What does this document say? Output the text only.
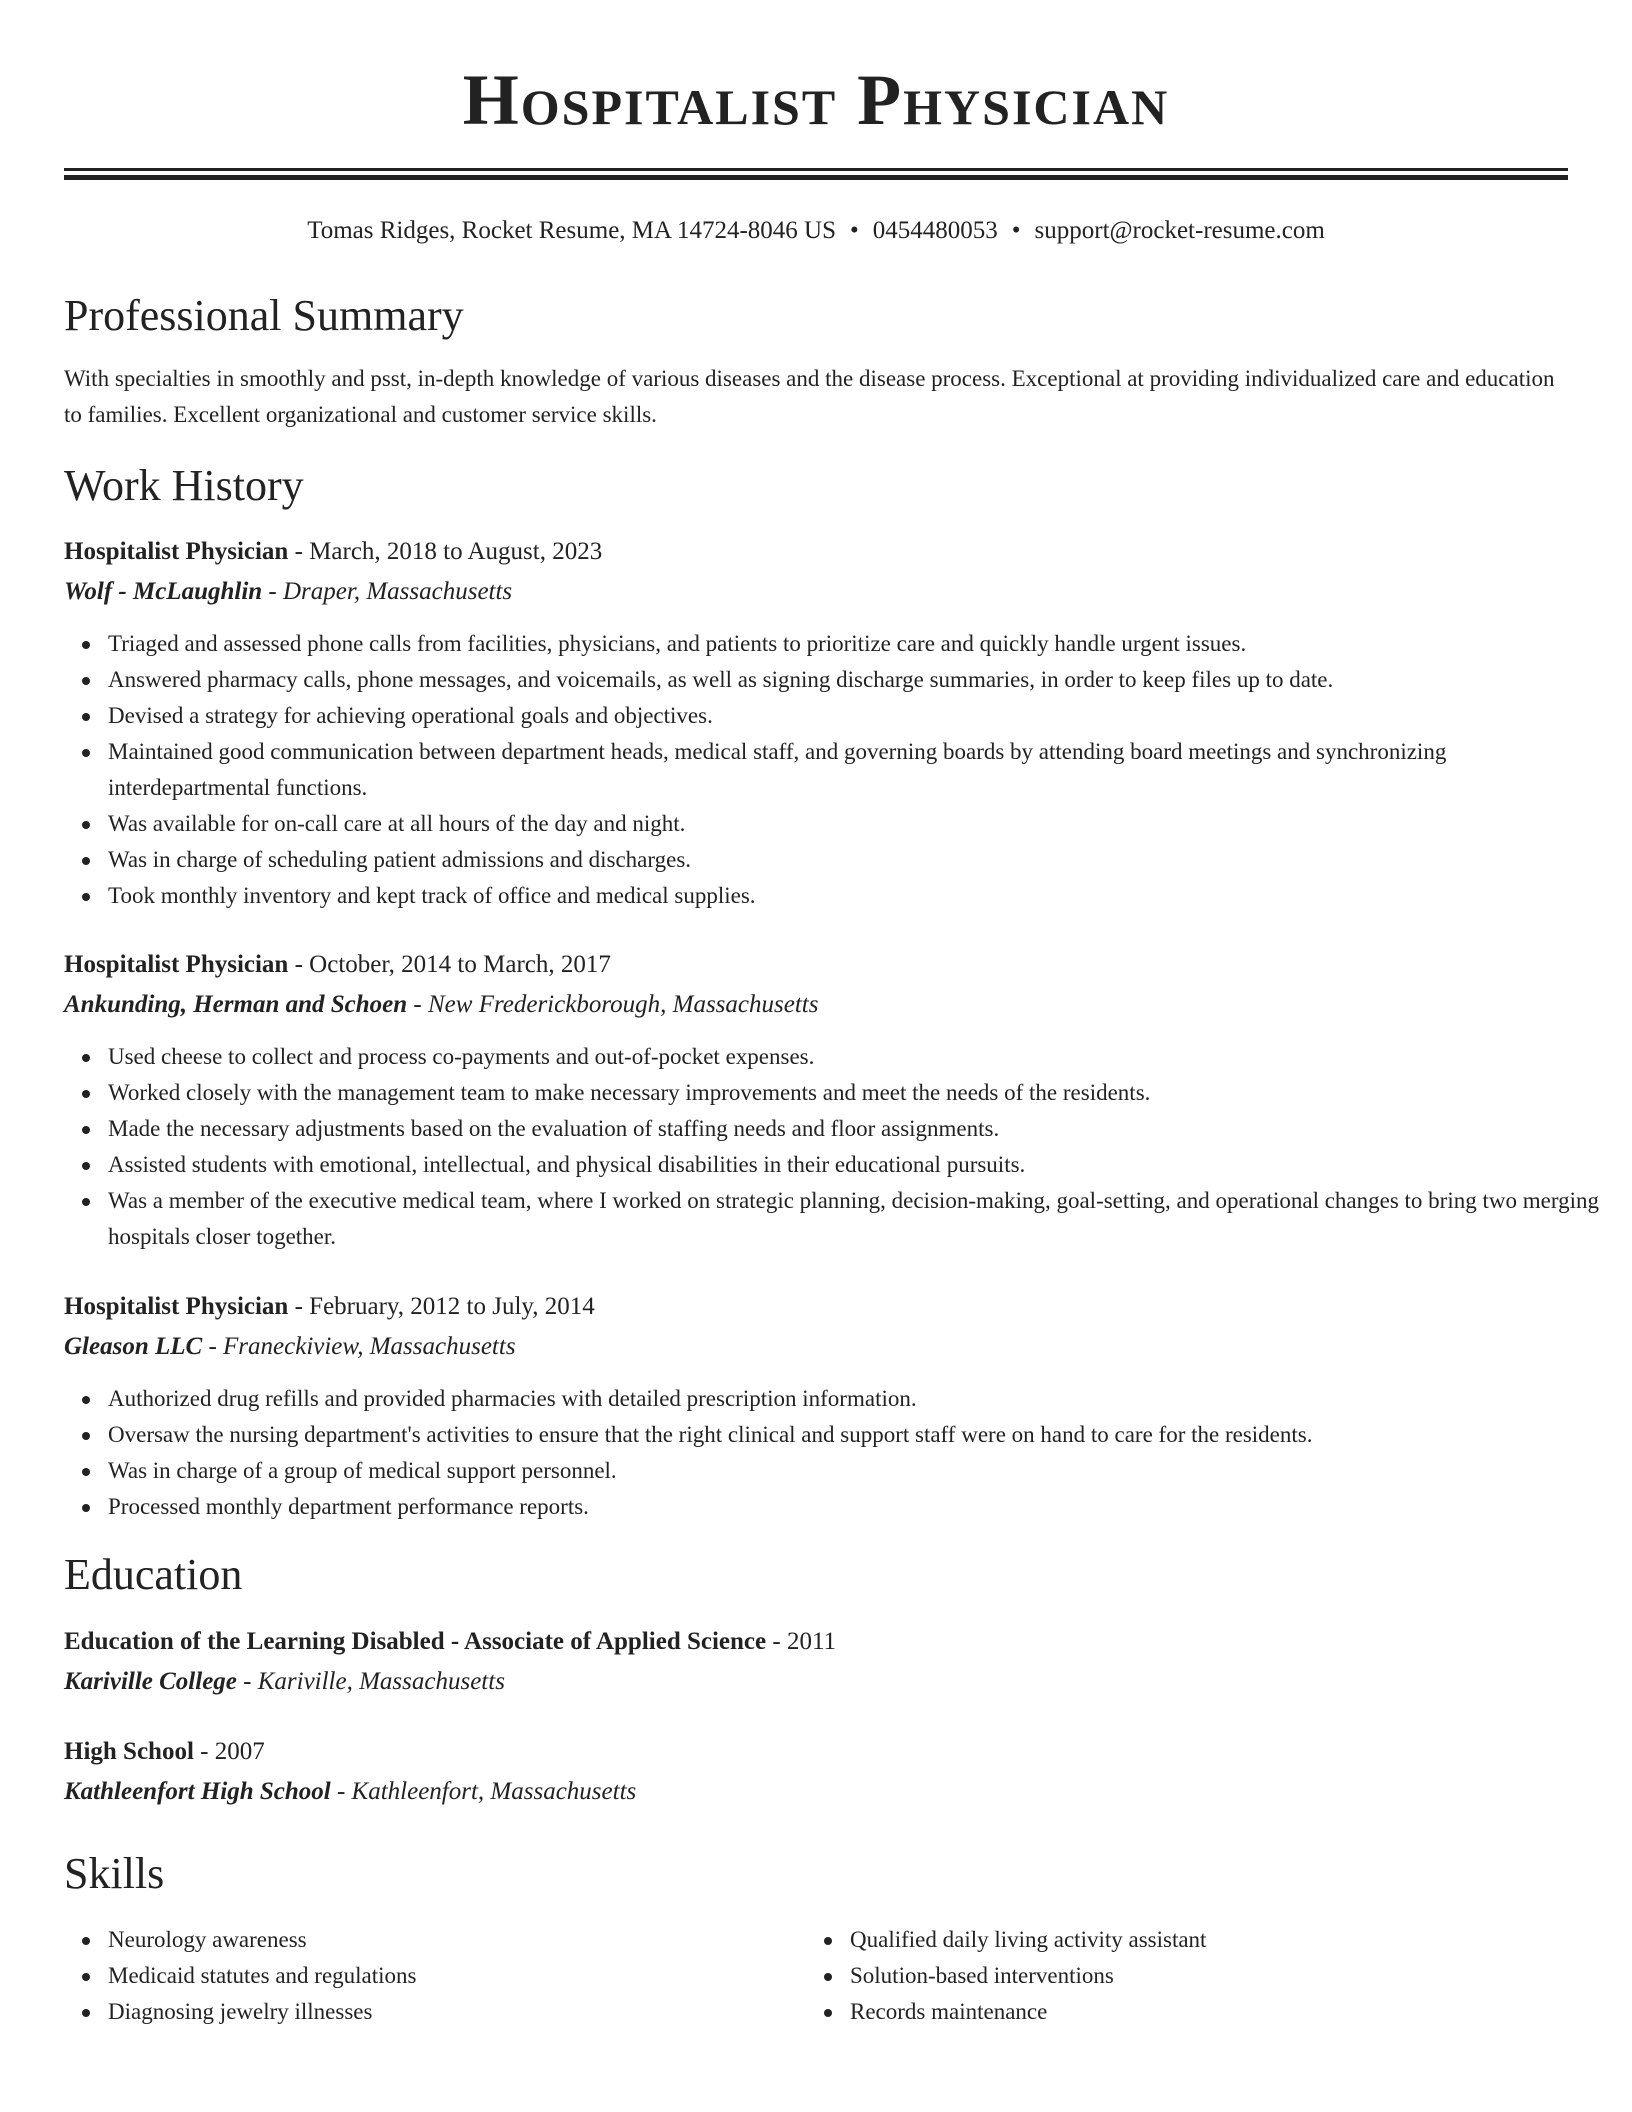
Hospitalist Physician
Tomas Ridges, Rocket Resume, MA 14724-8046 US • 0454480053 • support@rocket-resume.com
Professional Summary

With specialties in smoothly and psst, in-depth knowledge of various diseases and the disease process. Exceptional at providing individualized care and education to families. Excellent organizational and customer service skills.

Work History
Hospitalist Physician - March, 2018 to August, 2023
Wolf - McLaughlin - Draper, Massachusetts
Triaged and assessed phone calls from facilities, physicians, and patients to prioritize care and quickly handle urgent issues.
Answered pharmacy calls, phone messages, and voicemails, as well as signing discharge summaries, in order to keep files up to date.
Devised a strategy for achieving operational goals and objectives.
Maintained good communication between department heads, medical staff, and governing boards by attending board meetings and synchronizing interdepartmental functions.
Was available for on-call care at all hours of the day and night.
Was in charge of scheduling patient admissions and discharges.
Took monthly inventory and kept track of office and medical supplies.
Hospitalist Physician - October, 2014 to March, 2017
Ankunding, Herman and Schoen - New Frederickborough, Massachusetts
Used cheese to collect and process co-payments and out-of-pocket expenses.
Worked closely with the management team to make necessary improvements and meet the needs of the residents.
Made the necessary adjustments based on the evaluation of staffing needs and floor assignments.
Assisted students with emotional, intellectual, and physical disabilities in their educational pursuits.
Was a member of the executive medical team, where I worked on strategic planning, decision-making, goal-setting, and operational changes to bring two merging hospitals closer together.
Hospitalist Physician - February, 2012 to July, 2014
Gleason LLC - Franeckiview, Massachusetts
Authorized drug refills and provided pharmacies with detailed prescription information.
Oversaw the nursing department's activities to ensure that the right clinical and support staff were on hand to care for the residents.
Was in charge of a group of medical support personnel.
Processed monthly department performance reports.
Education
Education of the Learning Disabled - Associate of Applied Science - 2011
Kariville College - Kariville, Massachusetts
High School - 2007
Kathleenfort High School - Kathleenfort, Massachusetts
Skills
Neurology awareness
Medicaid statutes and regulations
Diagnosing jewelry illnesses
Qualified daily living activity assistant
Solution-based interventions
Records maintenance
